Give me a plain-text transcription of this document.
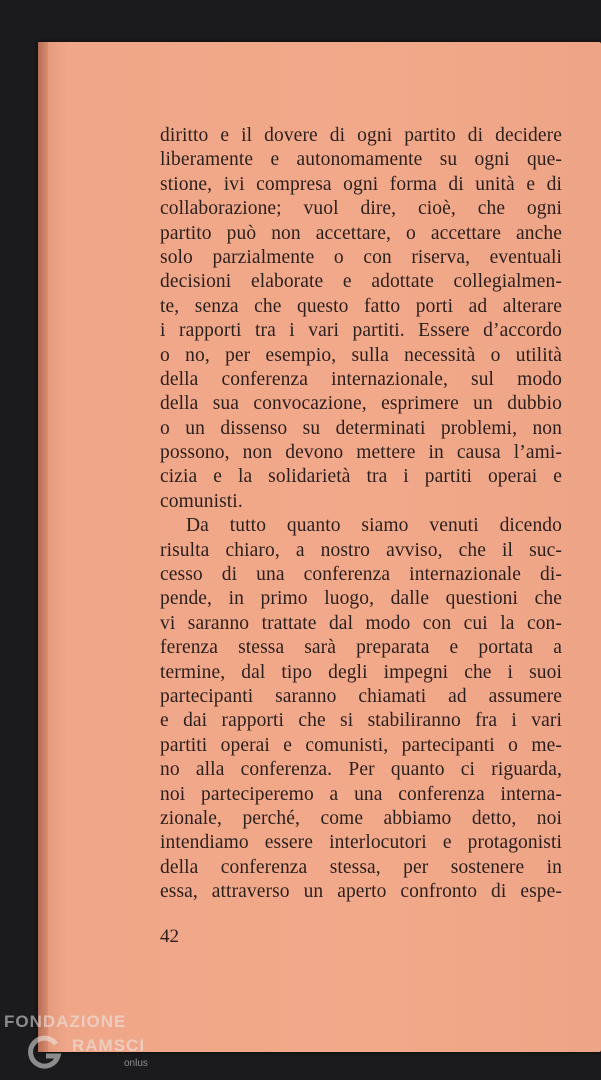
diritto e il dovere di ogni partito di decidere
liberamente e autonomamente su ogni que-
stione, ivi compresa ogni forma di unità e di
collaborazione; vuol dire, cioè, che ogni
partito può non accettare, o accettare anche
solo parzialmente o con riserva, eventuali
decisioni elaborate e adottate collegialmen-
te, senza che questo fatto porti ad alterare
i rapporti tra i vari partiti. Essere d’accordo
o no, per esempio, sulla necessità o utilità
della conferenza internazionale, sul modo
della sua convocazione, esprimere un dubbio
o un dissenso su determinati problemi, non
possono, non devono mettere in causa l’ami-
cizia e la solidarietà tra i partiti operai e
comunisti.
Da tutto quanto siamo venuti dicendo
risulta chiaro, a nostro avviso, che il suc-
cesso di una conferenza internazionale di-
pende, in primo luogo, dalle questioni che
vi saranno trattate dal modo con cui la con-
ferenza stessa sarà preparata e portata a
termine, dal tipo degli impegni che i suoi
partecipanti saranno chiamati ad assumere
e dai rapporti che si stabiliranno fra i vari
partiti operai e comunisti, partecipanti o me-
no alla conferenza. Per quanto ci riguarda,
noi parteciperemo a una conferenza interna-
zionale, perché, come abbiamo detto, noi
intendiamo essere interlocutori e protagonisti
della conferenza stessa, per sostenere in
essa, attraverso un aperto confronto di espe-
42
FONDAZIONE
RAMSCI
onlus
